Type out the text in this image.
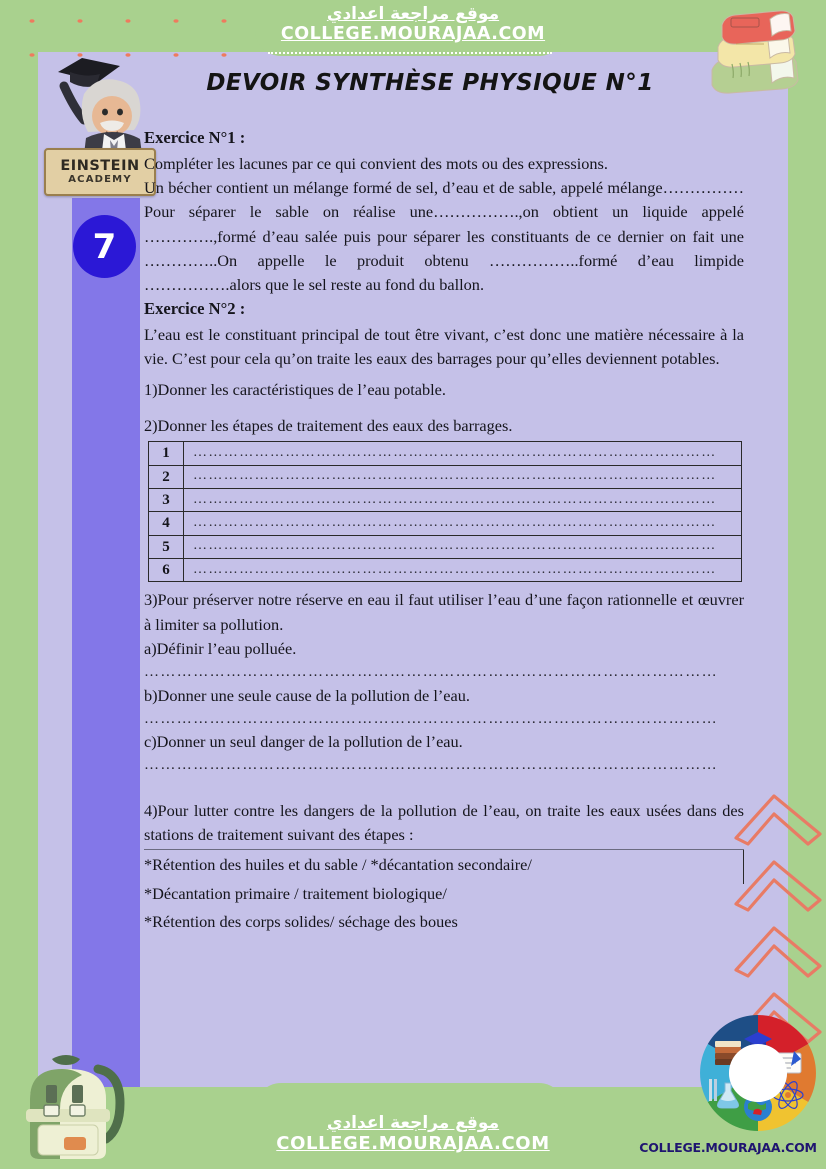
موقع مراجعة اعدادي
COLLEGE.MOURAJAA.COM
7
EINSTEIN
ACADEMY
DEVOIR SYNTHÈSE PHYSIQUE N°1
Exercice N°1 :

Compléter les lacunes par ce qui convient des mots ou des expressions.

Un bécher contient un mélange formé de sel, d’eau et de sable, appelé mélange……………Pour séparer le sable on réalise une…………….,on obtient un liquide appelé ………….,formé d’eau salée puis pour séparer les constituants de ce dernier on fait une …………..On appelle le produit obtenu ……………..formé d’eau limpide …………….alors que le sel reste au fond du ballon.

Exercice N°2 :

L’eau est le constituant principal de tout être vivant, c’est donc une matière nécessaire à la vie. C’est pour cela qu’on traite les eaux des barrages pour qu’elles deviennent potables.

1)Donner les caractéristiques de l’eau potable.

2)Donner les étapes de traitement des eaux des barrages.

1	…………………………………………………………………………………………
2	…………………………………………………………………………………………
3	…………………………………………………………………………………………
4	…………………………………………………………………………………………
5	…………………………………………………………………………………………
6	…………………………………………………………………………………………

3)Pour préserver notre réserve en eau il faut utiliser l’eau d’une façon rationnelle et œuvrer à limiter sa pollution.

a)Définir l’eau polluée.

……………………………………………………………………………………………

b)Donner une seule cause de la pollution de l’eau.

……………………………………………………………………………………………

c)Donner un seul danger de la pollution de l’eau.

……………………………………………………………………………………………

4)Pour lutter contre les dangers de la pollution de l’eau, on traite les eaux usées dans des stations de traitement suivant des étapes :

*Rétention des huiles et du sable / *décantation secondaire/

*Décantation primaire / traitement biologique/

*Rétention des corps solides/ séchage des boues

COLLEGE.MOURAJAA.COM
موقع مراجعة اعدادي
COLLEGE.MOURAJAA.COM
